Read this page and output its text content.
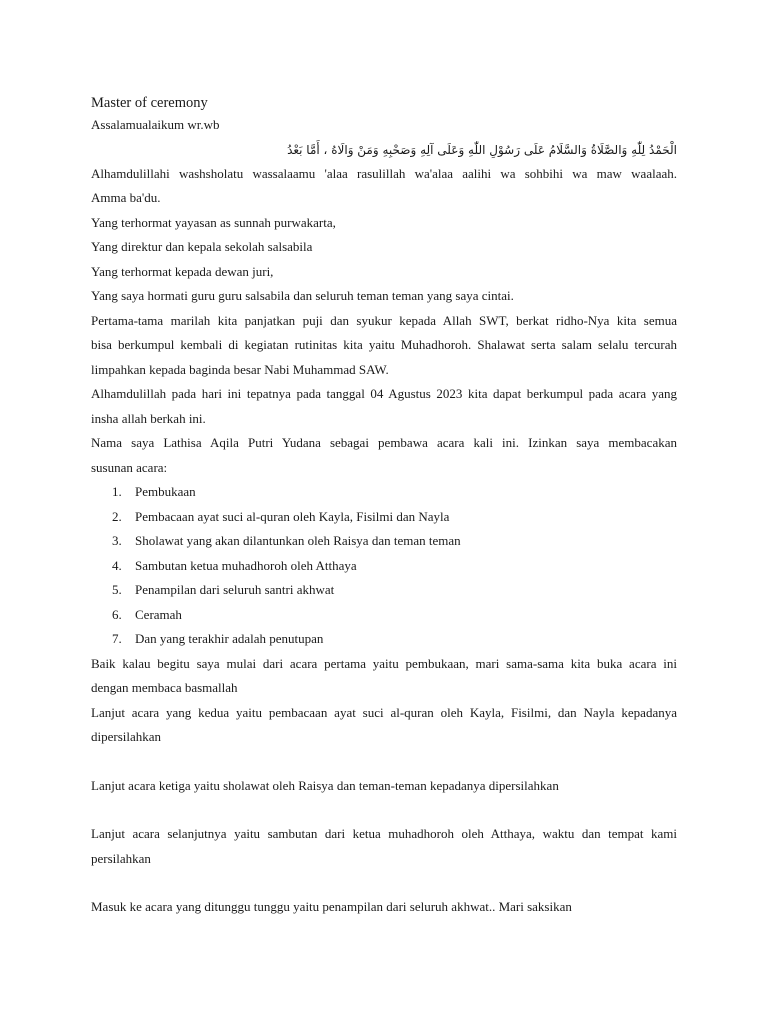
Master of ceremony

Assalamualaikum wr.wb

الْحَمْدُ لِلّٰهِ وَالصَّلَاةُ وَالسَّلَامُ عَلَى رَسُوْلِ اللّٰهِ وَعَلَى آلِهِ وَصَحْبِهِ وَمَنْ وَالَاهُ ، أَمَّا بَعْدُ

Alhamdulillahi washsholatu wassalaamu 'alaa rasulillah wa'alaa aalihi wa sohbihi wa maw waalaah.

Amma ba'du.

Yang terhormat yayasan as sunnah purwakarta,

Yang direktur dan kepala sekolah salsabila

Yang terhormat kepada dewan juri,

Yang saya hormati guru guru salsabila dan seluruh teman teman yang saya cintai.

Pertama-tama marilah kita panjatkan puji dan syukur kepada Allah SWT, berkat ridho-Nya kita semua

bisa berkumpul kembali di kegiatan rutinitas kita yaitu Muhadhoroh. Shalawat serta salam selalu tercurah

limpahkan kepada baginda besar Nabi Muhammad SAW.

Alhamdulillah pada hari ini tepatnya pada tanggal 04 Agustus 2023 kita dapat berkumpul pada acara yang

insha allah berkah ini.

Nama saya Lathisa Aqila Putri Yudana sebagai pembawa acara kali ini. Izinkan saya membacakan

susunan acara:

1. Pembukaan
2. Pembacaan ayat suci al-quran oleh Kayla, Fisilmi dan Nayla
3. Sholawat yang akan dilantunkan oleh Raisya dan teman teman
4. Sambutan ketua muhadhoroh oleh Atthaya
5. Penampilan dari seluruh santri akhwat
6. Ceramah
7. Dan yang terakhir adalah penutupan

Baik kalau begitu saya mulai dari acara pertama yaitu pembukaan, mari sama-sama kita buka acara ini

dengan membaca basmallah

Lanjut acara yang kedua yaitu pembacaan ayat suci al-quran oleh Kayla, Fisilmi, dan Nayla kepadanya

dipersilahkan

Lanjut acara ketiga yaitu sholawat oleh Raisya dan teman-teman kepadanya dipersilahkan

Lanjut acara selanjutnya yaitu sambutan dari ketua muhadhoroh oleh Atthaya, waktu dan tempat kami

persilahkan

Masuk ke acara yang ditunggu tunggu yaitu penampilan dari seluruh akhwat.. Mari saksikan
